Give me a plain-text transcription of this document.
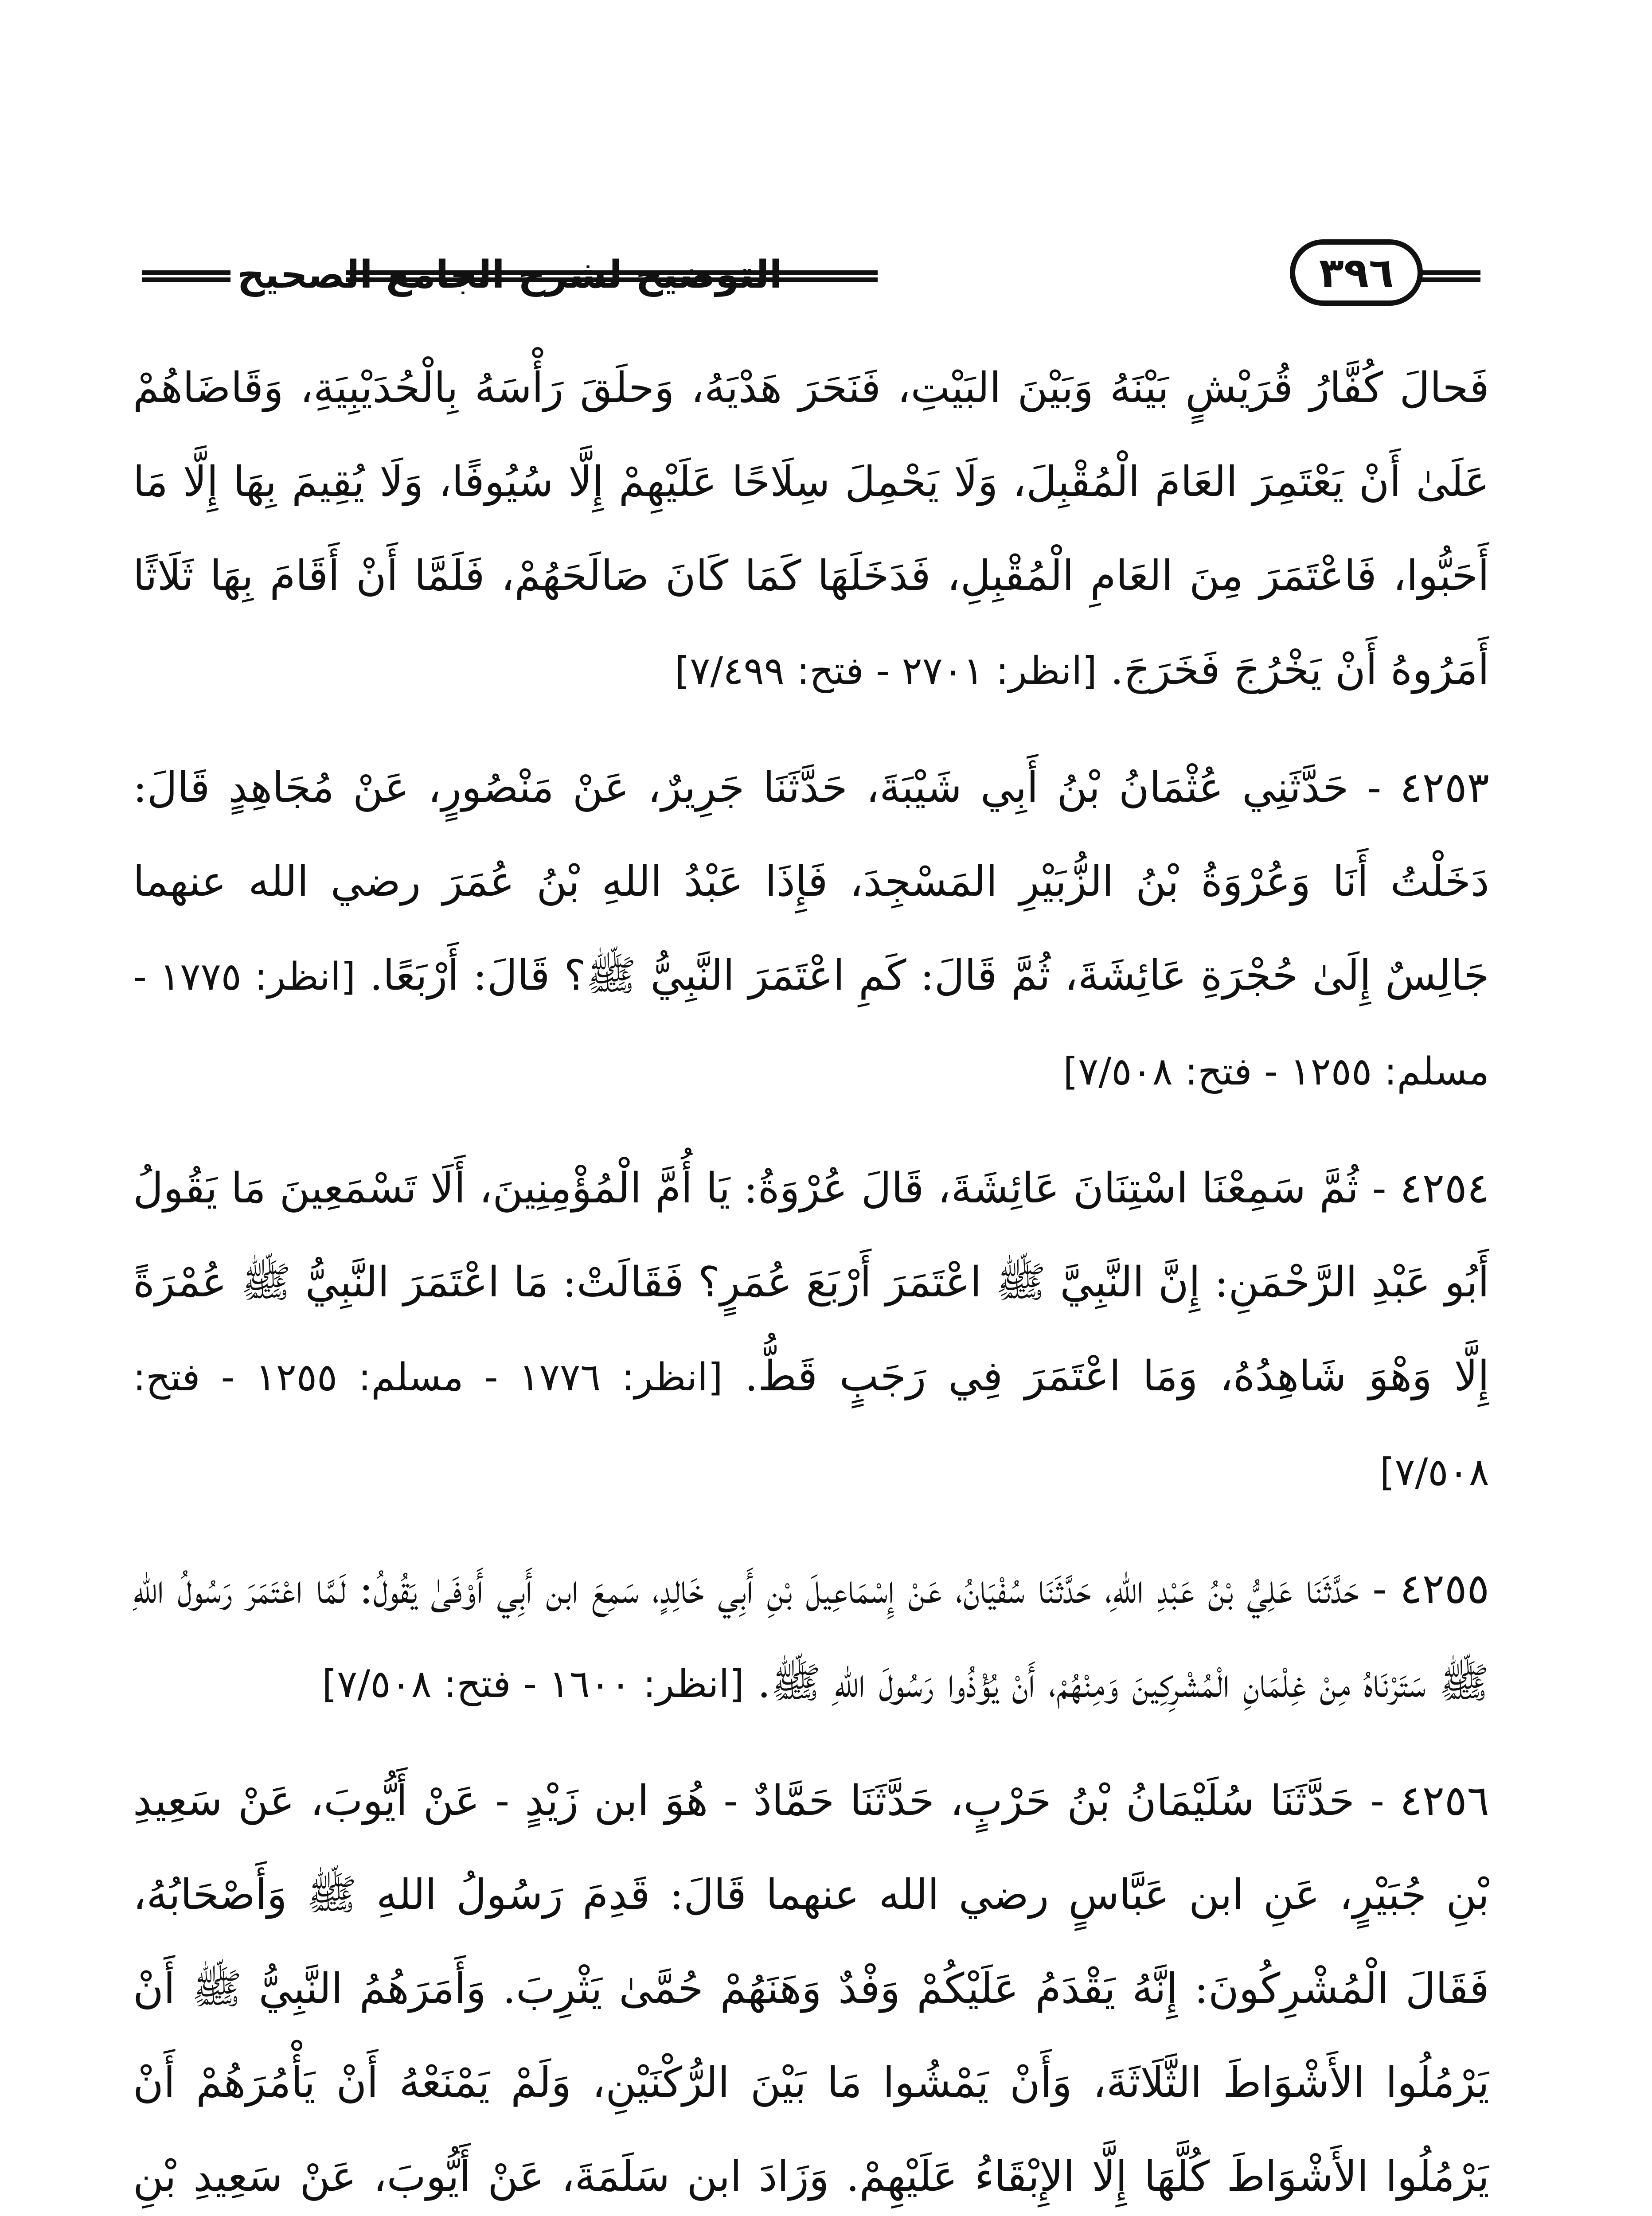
٣٩٦
التوضيح لشرح الجامع الصحيح

فَحالَ كُفَّارُ قُرَيْشٍ بَيْنَهُ وَبَيْنَ البَيْتِ، فَنَحَرَ هَدْيَهُ، وَحلَقَ رَأْسَهُ بِالْحُدَيْبِيَةِ، وَقَاضَاهُمْ عَلَىٰ أَنْ يَعْتَمِرَ العَامَ الْمُقْبِلَ، وَلَا يَحْمِلَ سِلَاحًا عَلَيْهِمْ إِلَّا سُيُوفًا، وَلَا يُقِيمَ بِهَا إِلَّا مَا أَحَبُّوا، فَاعْتَمَرَ مِنَ العَامِ الْمُقْبِلِ، فَدَخَلَهَا كَمَا كَانَ صَالَحَهُمْ، فَلَمَّا أَنْ أَقَامَ بِهَا ثَلَاثًا أَمَرُوهُ أَنْ يَخْرُجَ فَخَرَجَ. [انظر: ٢٧٠١ - فتح: ٧/٤٩٩]

٤٢٥٣ - حَدَّثَنِي عُثْمَانُ بْنُ أَبِي شَيْبَةَ، حَدَّثَنَا جَرِيرٌ، عَنْ مَنْصُورٍ، عَنْ مُجَاهِدٍ قَالَ: دَخَلْتُ أَنَا وَعُرْوَةُ بْنُ الزُّبَيْرِ المَسْجِدَ، فَإِذَا عَبْدُ اللهِ بْنُ عُمَرَ رضي الله عنهما جَالِسٌ إِلَىٰ حُجْرَةِ عَائِشَةَ، ثُمَّ قَالَ: كَمِ اعْتَمَرَ النَّبِيُّ ﷺ؟ قَالَ: أَرْبَعًا. [انظر: ١٧٧٥ - مسلم: ١٢٥٥ - فتح: ٧/٥٠٨]

٤٢٥٤ - ثُمَّ سَمِعْنَا اسْتِنَانَ عَائِشَةَ، قَالَ عُرْوَةُ: يَا أُمَّ الْمُؤْمِنِينَ، أَلَا تَسْمَعِينَ مَا يَقُولُ أَبُو عَبْدِ الرَّحْمَنِ: إِنَّ النَّبِيَّ ﷺ اعْتَمَرَ أَرْبَعَ عُمَرٍ؟ فَقَالَتْ: مَا اعْتَمَرَ النَّبِيُّ ﷺ عُمْرَةً إِلَّا وَهْوَ شَاهِدُهُ، وَمَا اعْتَمَرَ فِي رَجَبٍ قَطُّ. [انظر: ١٧٧٦ - مسلم: ١٢٥٥ - فتح: ٧/٥٠٨]

٤٢٥٥ - حَدَّثَنَا عَلِيُّ بْنُ عَبْدِ اللهِ، حَدَّثَنَا سُفْيَانُ، عَنْ إِسْمَاعِيلَ بْنِ أَبِي خَالِدٍ، سَمِعَ ابن أَبِي أَوْفَىٰ يَقُولُ: لَمَّا اعْتَمَرَ رَسُولُ اللهِ ﷺ سَتَرْنَاهُ مِنْ غِلْمَانِ الْمُشْرِكِينَ وَمِنْهُمْ، أَنْ يُؤْذُوا رَسُولَ اللهِ ﷺ. [انظر: ١٦٠٠ - فتح: ٧/٥٠٨]

٤٢٥٦ - حَدَّثَنَا سُلَيْمَانُ بْنُ حَرْبٍ، حَدَّثَنَا حَمَّادٌ - هُوَ ابن زَيْدٍ - عَنْ أَيُّوبَ، عَنْ سَعِيدِ بْنِ جُبَيْرٍ، عَنِ ابن عَبَّاسٍ رضي الله عنهما قَالَ: قَدِمَ رَسُولُ اللهِ ﷺ وَأَصْحَابُهُ، فَقَالَ الْمُشْرِكُونَ: إِنَّهُ يَقْدَمُ عَلَيْكُمْ وَفْدٌ وَهَنَهُمْ حُمَّىٰ يَثْرِبَ. وَأَمَرَهُمُ النَّبِيُّ ﷺ أَنْ يَرْمُلُوا الأَشْوَاطَ الثَّلَاثَةَ، وَأَنْ يَمْشُوا مَا بَيْنَ الرُّكْنَيْنِ، وَلَمْ يَمْنَعْهُ أَنْ يَأْمُرَهُمْ أَنْ يَرْمُلُوا الأَشْوَاطَ كُلَّهَا إِلَّا الإِبْقَاءُ عَلَيْهِمْ. وَزَادَ ابن سَلَمَةَ، عَنْ أَيُّوبَ، عَنْ سَعِيدِ بْنِ
